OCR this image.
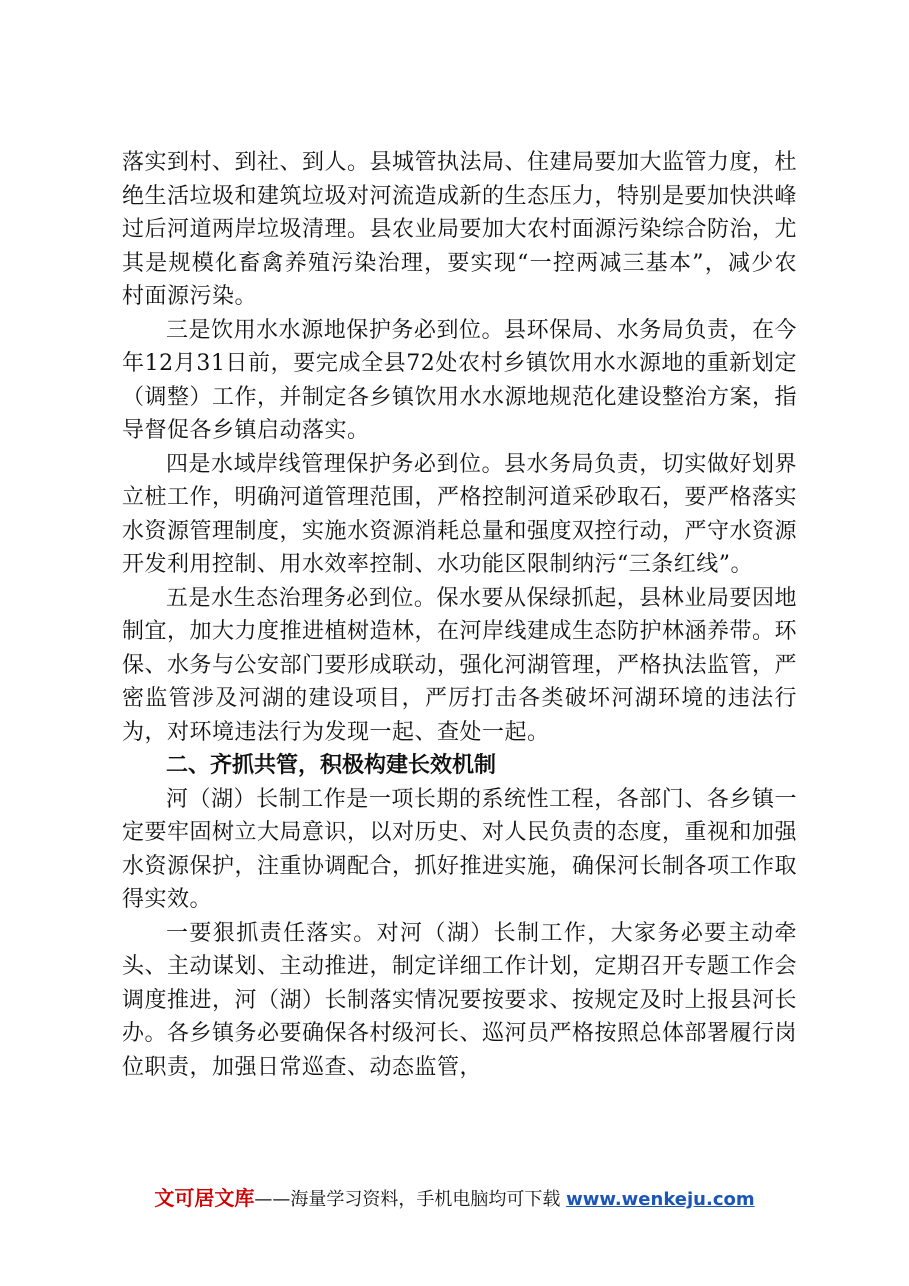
落实到村、到社、到人。县城管执法局、住建局要加大监管力度，杜绝生活垃圾和建筑垃圾对河流造成新的生态压力，特别是要加快洪峰过后河道两岸垃圾清理。县农业局要加大农村面源污染综合防治，尤其是规模化畜禽养殖污染治理，要实现“一控两减三基本”，减少农村面源污染。

三是饮用水水源地保护务必到位。县环保局、水务局负责，在今年12月31日前，要完成全县72处农村乡镇饮用水水源地的重新划定（调整）工作，并制定各乡镇饮用水水源地规范化建设整治方案，指导督促各乡镇启动落实。

四是水域岸线管理保护务必到位。县水务局负责，切实做好划界立桩工作，明确河道管理范围，严格控制河道采砂取石，要严格落实水资源管理制度，实施水资源消耗总量和强度双控行动，严守水资源开发利用控制、用水效率控制、水功能区限制纳污“三条红线”。

五是水生态治理务必到位。保水要从保绿抓起，县林业局要因地制宜，加大力度推进植树造林，在河岸线建成生态防护林涵养带。环保、水务与公安部门要形成联动，强化河湖管理，严格执法监管，严密监管涉及河湖的建设项目，严厉打击各类破坏河湖环境的违法行为，对环境违法行为发现一起、查处一起。

二、齐抓共管，积极构建长效机制

河（湖）长制工作是一项长期的系统性工程，各部门、各乡镇一定要牢固树立大局意识，以对历史、对人民负责的态度，重视和加强水资源保护，注重协调配合，抓好推进实施，确保河长制各项工作取得实效。

一要狠抓责任落实。对河（湖）长制工作，大家务必要主动牵头、主动谋划、主动推进，制定详细工作计划，定期召开专题工作会调度推进，河（湖）长制落实情况要按要求、按规定及时上报县河长办。各乡镇务必要确保各村级河长、巡河员严格按照总体部署履行岗位职责，加强日常巡查、动态监管，

文可居文库——海量学习资料，手机电脑均可下载 www.wenkeju.com
